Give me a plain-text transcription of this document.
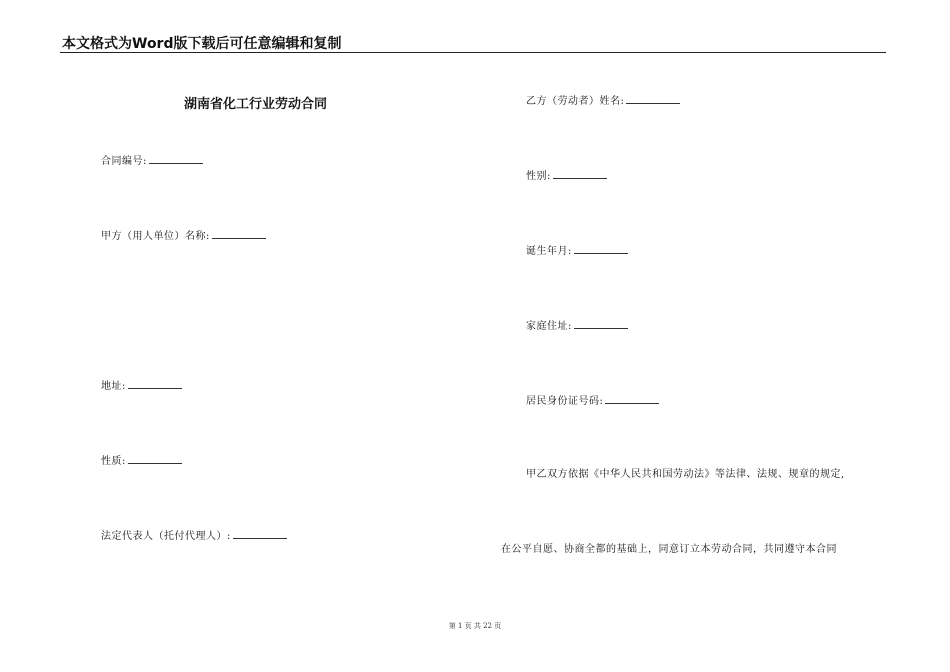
本文格式为Word版下载后可任意编辑和复制
湖南省化工行业劳动合同
合同编号:
甲方（用人单位）名称:
地址:
性质:
法定代表人（托付代理人）:
乙方（劳动者）姓名:
性别:
诞生年月:
家庭住址:
居民身份证号码:
甲乙双方依据《中华人民共和国劳动法》等法律、法规、规章的规定,
在公平自愿、协商全都的基础上，同意订立本劳动合同，共同遵守本合同
第 1 页 共 22 页
